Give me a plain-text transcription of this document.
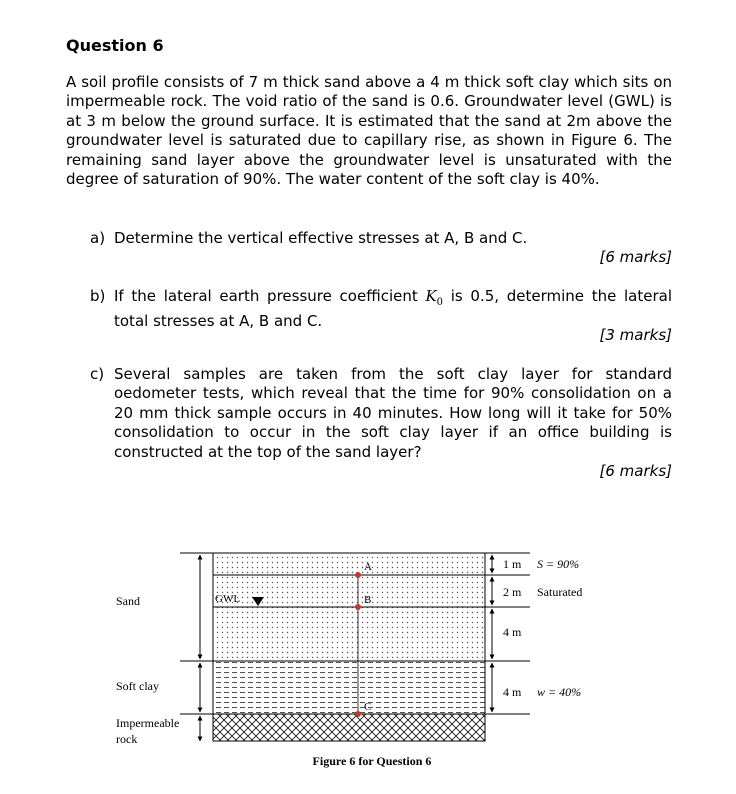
Question 6
A soil profile consists of 7 m thick sand above a 4 m thick soft clay which sits on impermeable rock. The void ratio of the sand is 0.6. Groundwater level (GWL) is at 3 m below the ground surface. It is estimated that the sand at 2m above the groundwater level is saturated due to capillary rise, as shown in Figure 6. The remaining sand layer above the groundwater level is unsaturated with the degree of saturation of 90%. The water content of the soft clay is 40%.
a) Determine the vertical effective stresses at A, B and C.
[6 marks]
b) If the lateral earth pressure coefficient $K_0$ is 0.5, determine the lateral total stresses at A, B and C.
[3 marks]
c) Several samples are taken from the soft clay layer for standard oedometer tests, which reveal that the time for 90% consolidation on a 20 mm thick sample occurs in 40 minutes. How long will it take for 50% consolidation to occur in the soft clay layer if an office building is constructed at the top of the sand layer?
[6 marks]
A
B
C
GWL
Sand
Soft clay
Impermeable
rock
1 m S = 90%
2 m Saturated
4 m
4 m w = 40%
Figure 6 for Question 6
